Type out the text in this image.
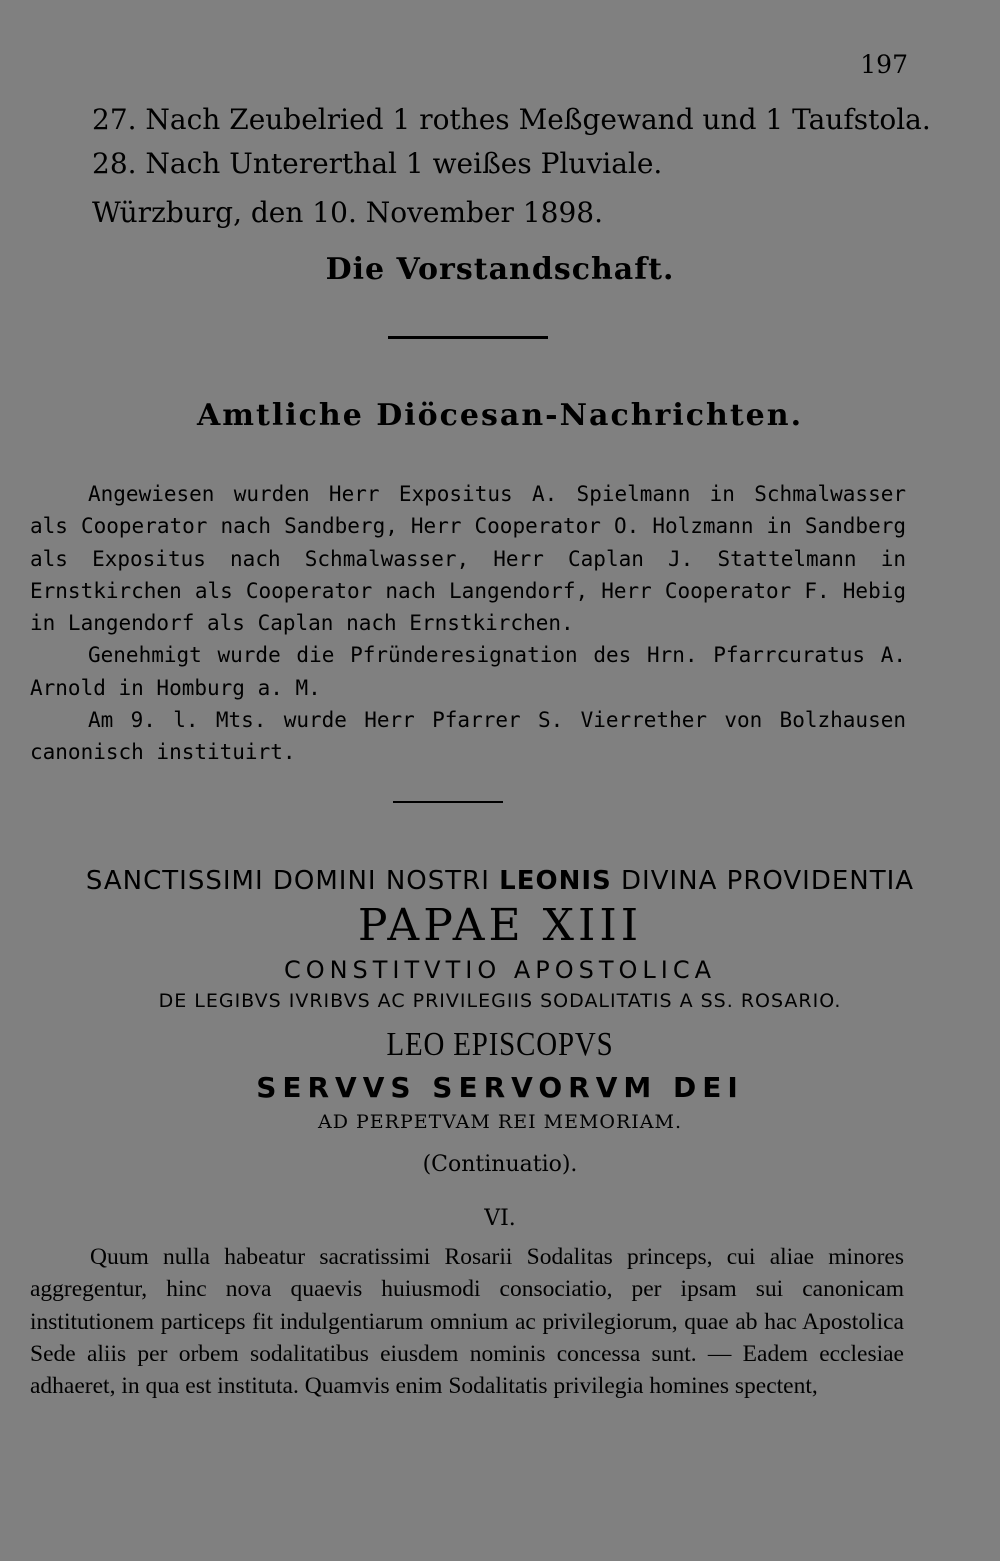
197
27. Nach Zeubelried 1 rothes Meßgewand und 1 Taufstola.
28. Nach Untererthal 1 weißes Pluviale.
Würzburg, den 10. November 1898.
Die Vorstandschaft.
Amtliche Diöcesan-Nachrichten.

Angewiesen wurden Herr Expositus A. Spielmann in Schmalwasser als Cooperator nach Sandberg, Herr Cooperator O. Holzmann in Sandberg als Expositus nach Schmalwasser, Herr Caplan J. Stattelmann in Ernstkirchen als Cooperator nach Langendorf, Herr Cooperator F. Hebig in Langendorf als Caplan nach Ernstkirchen.

Genehmigt wurde die Pfründeresignation des Hrn. Pfarrcuratus A. Arnold in Homburg a. M.

Am 9. l. Mts. wurde Herr Pfarrer S. Vierrether von Bolzhausen canonisch instituirt.

SANCTISSIMI DOMINI NOSTRI LEONIS DIVINA PROVIDENTIA
PAPAE XIII
CONSTITVTIO APOSTOLICA
DE LEGIBVS IVRIBVS AC PRIVILEGIIS SODALITATIS A SS. ROSARIO.
LEO EPISCOPVS
SERVVS SERVORVM DEI
AD PERPETVAM REI MEMORIAM.
(Continuatio).
VI.

Quum nulla habeatur sacratissimi Rosarii Sodalitas princeps, cui aliae minores aggregentur, hinc nova quaevis huiusmodi consociatio, per ipsam sui canonicam institutionem particeps fit indulgentiarum omnium ac privilegiorum, quae ab hac Apostolica Sede aliis per orbem sodalitatibus eiusdem nominis concessa sunt. — Eadem ecclesiae adhaeret, in qua est instituta. Quamvis enim Sodalitatis privilegia homines spectent,
